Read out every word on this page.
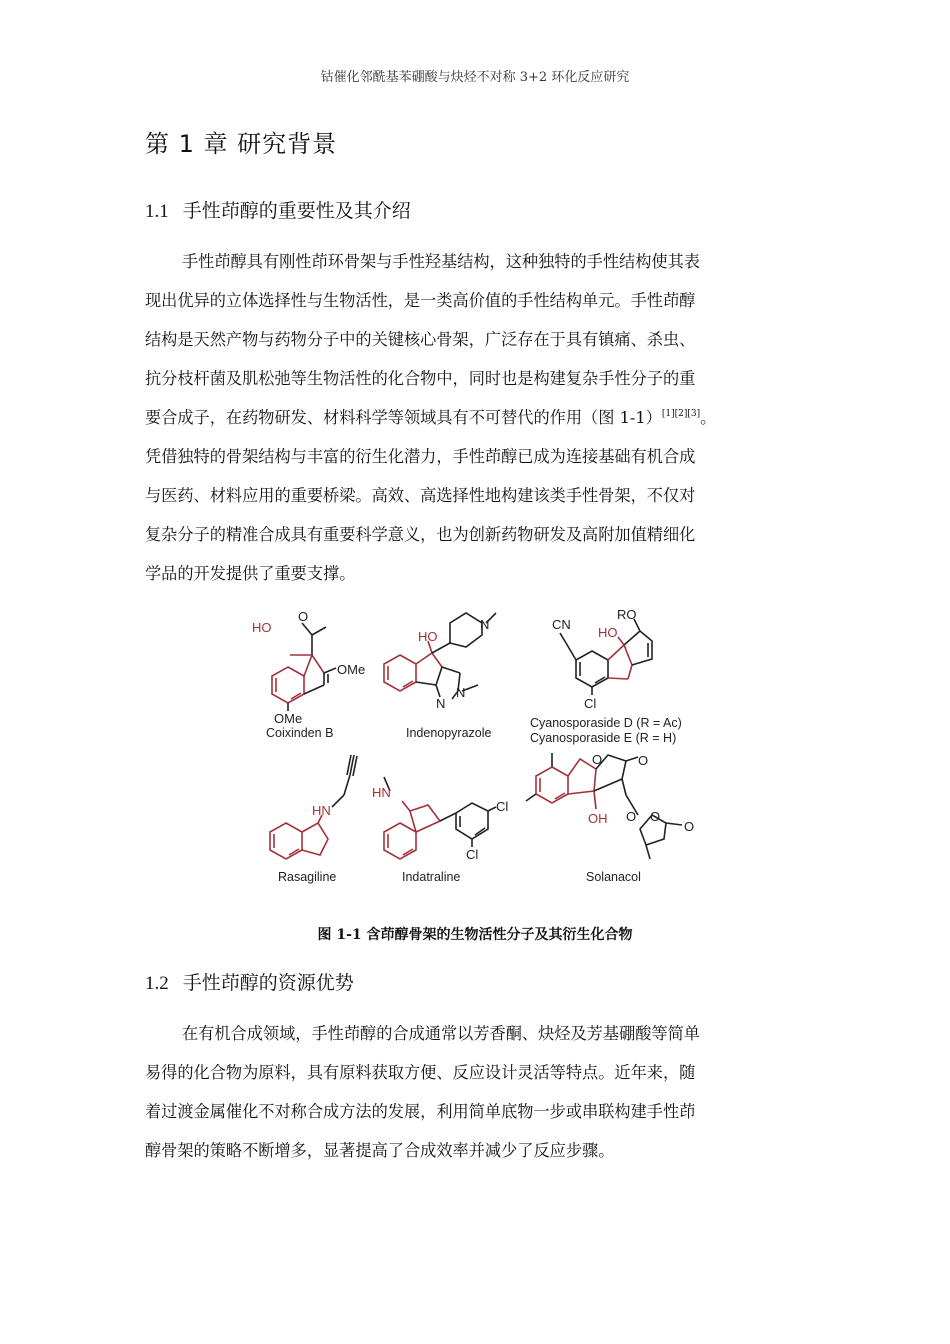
钴催化邻酰基苯硼酸与炔烃不对称 3+2 环化反应研究
第 1 章 研究背景
1.1 手性茚醇的重要性及其介绍
手性茚醇具有刚性茚环骨架与手性羟基结构，这种独特的手性结构使其表
现出优异的立体选择性与生物活性，是一类高价值的手性结构单元。手性茚醇
结构是天然产物与药物分子中的关键核心骨架，广泛存在于具有镇痛、杀虫、
抗分枝杆菌及肌松弛等生物活性的化合物中，同时也是构建复杂手性分子的重
要合成子，在药物研发、材料科学等领域具有不可替代的作用（图 1-1）[1][2][3]。
凭借独特的骨架结构与丰富的衍生化潜力，手性茚醇已成为连接基础有机合成
与医药、材料应用的重要桥梁。高效、高选择性地构建该类手性骨架，不仅对
复杂分子的精准合成具有重要科学意义，也为创新药物研发及高附加值精细化
学品的开发提供了重要支撑。
O
HO
OMe
OMe
Coixinden B
HO
N
N
N
Indenopyrazole
RO
HO
CN
Cl
Cyanosporaside D (R = Ac)
Cyanosporaside E (R = H)
HN
Rasagiline
HN
Cl
Cl
Indatraline
O	O
O O
O
OH
Solanacol
图 1-1 含茚醇骨架的生物活性分子及其衍生化合物
1.2 手性茚醇的资源优势
在有机合成领域，手性茚醇的合成通常以芳香酮、炔烃及芳基硼酸等简单
易得的化合物为原料，具有原料获取方便、反应设计灵活等特点。近年来，随
着过渡金属催化不对称合成方法的发展，利用简单底物一步或串联构建手性茚
醇骨架的策略不断增多，显著提高了合成效率并减少了反应步骤。
